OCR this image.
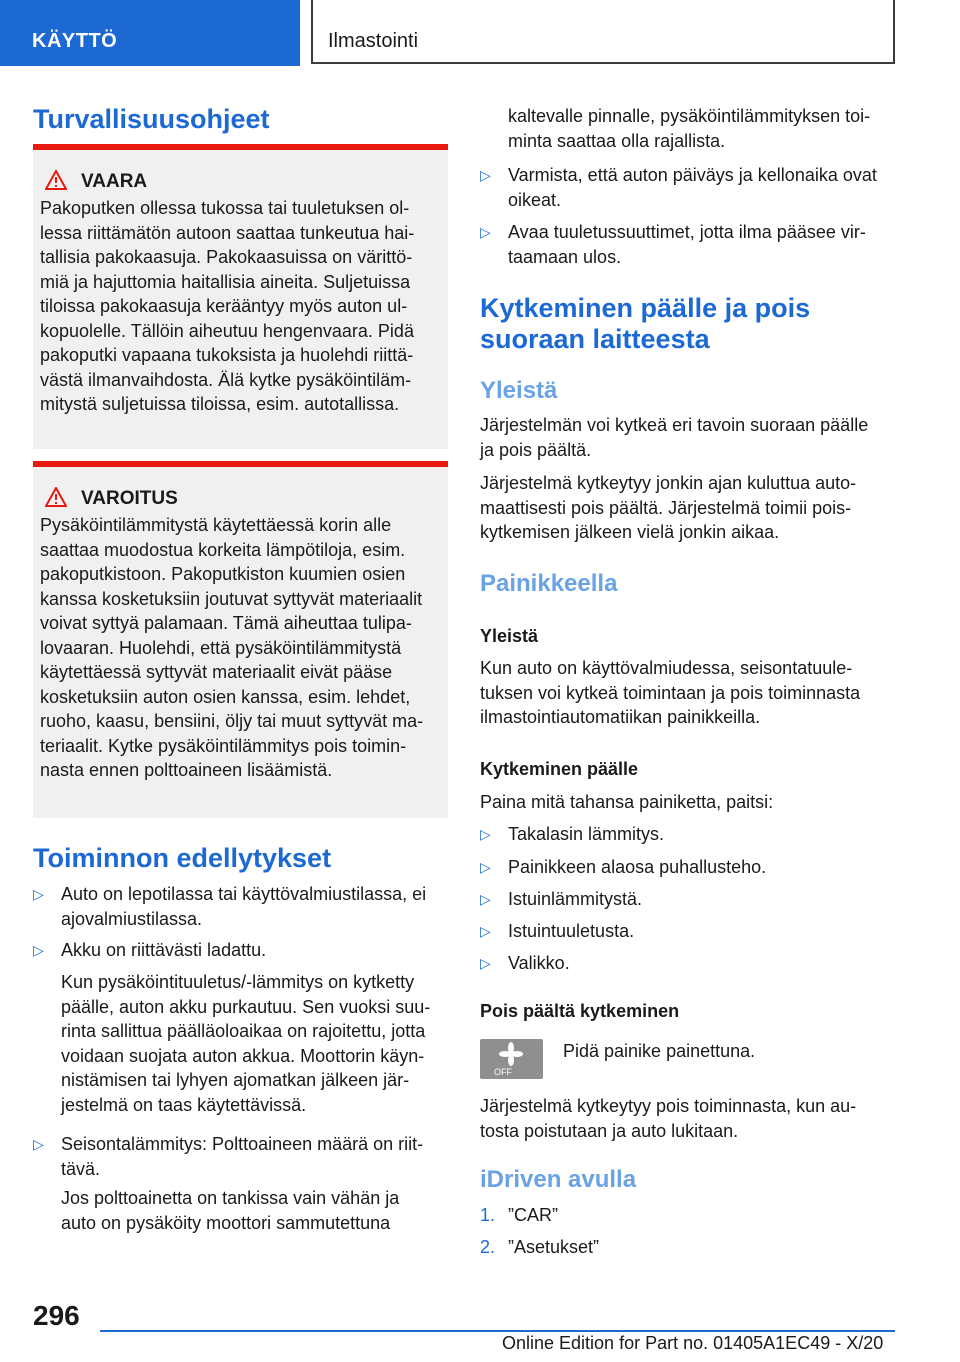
KÄYTTÖ	Ilmastointi
Turvallisuusohjeet
VAARA
Pakoputken ollessa tukossa tai tuuletuksen ol-
lessa riittämätön autoon saattaa tunkeutua hai-
tallisia pakokaasuja. Pakokaasuissa on värittö-
miä ja hajuttomia haitallisia aineita. Suljetuissa
tiloissa pakokaasuja kerääntyy myös auton ul-
kopuolelle. Tällöin aiheutuu hengenvaara. Pidä
pakoputki vapaana tukoksista ja huolehdi riittä-
västä ilmanvaihdosta. Älä kytke pysäköintiläm-
mitystä suljetuissa tiloissa, esim. autotallissa.
VAROITUS
Pysäköintilämmitystä käytettäessä korin alle
saattaa muodostua korkeita lämpötiloja, esim.
pakoputkistoon. Pakoputkiston kuumien osien
kanssa kosketuksiin joutuvat syttyvät materiaalit
voivat syttyä palamaan. Tämä aiheuttaa tulipa-
lovaaran. Huolehdi, että pysäköintilämmitystä
käytettäessä syttyvät materiaalit eivät pääse
kosketuksiin auton osien kanssa, esim. lehdet,
ruoho, kaasu, bensiini, öljy tai muut syttyvät ma-
teriaalit. Kytke pysäköintilämmitys pois toimin-
nasta ennen polttoaineen lisäämistä.
Toiminnon edellytykset
▷ Auto on lepotilassa tai käyttövalmiustilassa, ei
ajovalmiustilassa.
▷ Akku on riittävästi ladattu.
Kun pysäköintituuletus/-lämmitys on kytketty
päälle, auton akku purkautuu. Sen vuoksi suu-
rinta sallittua päälläoloaikaa on rajoitettu, jotta
voidaan suojata auton akkua. Moottorin käyn-
nistämisen tai lyhyen ajomatkan jälkeen jär-
jestelmä on taas käytettävissä.
▷ Seisontalämmitys: Polttoaineen määrä on riit-
tävä.
Jos polttoainetta on tankissa vain vähän ja
auto on pysäköity moottori sammutettuna
kaltevalle pinnalle, pysäköintilämmityksen toi-
minta saattaa olla rajallista.
▷ Varmista, että auton päiväys ja kellonaika ovat
oikeat.
▷ Avaa tuuletussuuttimet, jotta ilma pääsee vir-
taamaan ulos.
Kytkeminen päälle ja pois
suoraan laitteesta
Yleistä
Järjestelmän voi kytkeä eri tavoin suoraan päälle
ja pois päältä.
Järjestelmä kytkeytyy jonkin ajan kuluttua auto-
maattisesti pois päältä. Järjestelmä toimii pois-
kytkemisen jälkeen vielä jonkin aikaa.
Painikkeella
Yleistä
Kun auto on käyttövalmiudessa, seisontatuule-
tuksen voi kytkeä toimintaan ja pois toiminnasta
ilmastointiautomatiikan painikkeilla.
Kytkeminen päälle
Paina mitä tahansa painiketta, paitsi:
▷ Takalasin lämmitys.
▷ Painikkeen alaosa puhallusteho.
▷ Istuinlämmitystä.
▷ Istuintuuletusta.
▷ Valikko.
Pois päältä kytkeminen
OFF
Pidä painike painettuna.
Järjestelmä kytkeytyy pois toiminnasta, kun au-
tosta poistutaan ja auto lukitaan.
iDriven avulla
1. ”CAR”
2. ”Asetukset”
296
Online Edition for Part no. 01405A1EC49 - X/20
